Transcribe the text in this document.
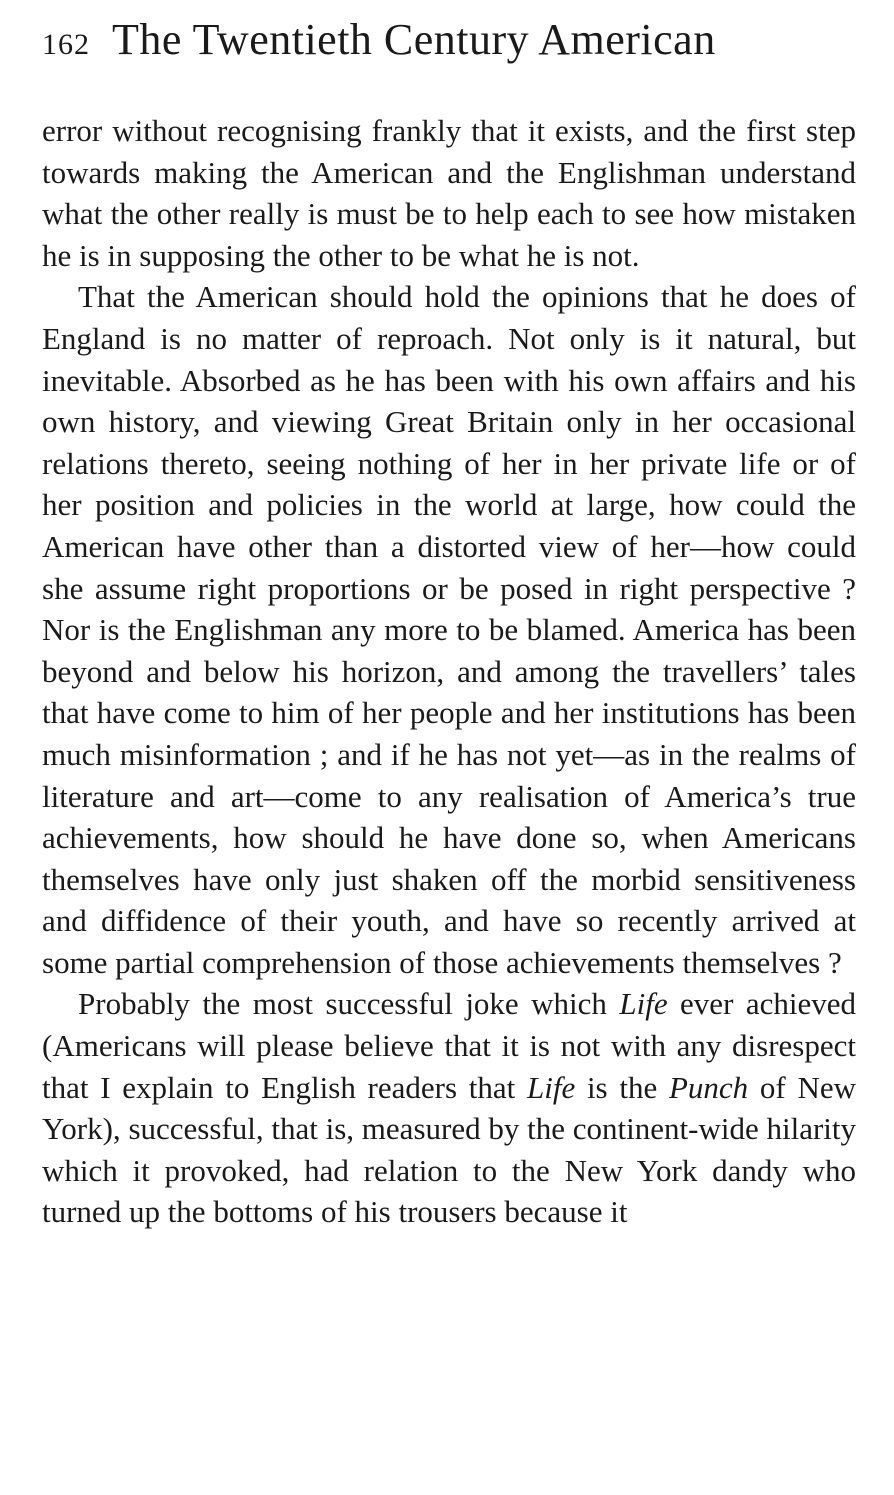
162 The Twentieth Century American

error without recognising frankly that it exists, and the first step towards making the American and the Englishman understand what the other really is must be to help each to see how mistaken he is in supposing the other to be what he is not.

That the American should hold the opinions that he does of England is no matter of reproach. Not only is it natural, but inevitable. Absorbed as he has been with his own affairs and his own history, and viewing Great Britain only in her occasional relations thereto, seeing nothing of her in her private life or of her position and policies in the world at large, how could the American have other than a distorted view of her—how could she assume right proportions or be posed in right perspective ? Nor is the Englishman any more to be blamed. America has been beyond and below his horizon, and among the travellers’ tales that have come to him of her people and her institutions has been much misinformation ; and if he has not yet—as in the realms of literature and art—come to any realisation of America’s true achievements, how should he have done so, when Americans themselves have only just shaken off the morbid sensitiveness and diffidence of their youth, and have so recently arrived at some partial comprehension of those achievements themselves ?

Probably the most successful joke which Life ever achieved (Americans will please believe that it is not with any disrespect that I explain to English readers that Life is the Punch of New York), successful, that is, measured by the continent-wide hilarity which it provoked, had relation to the New York dandy who turned up the bottoms of his trousers because it
